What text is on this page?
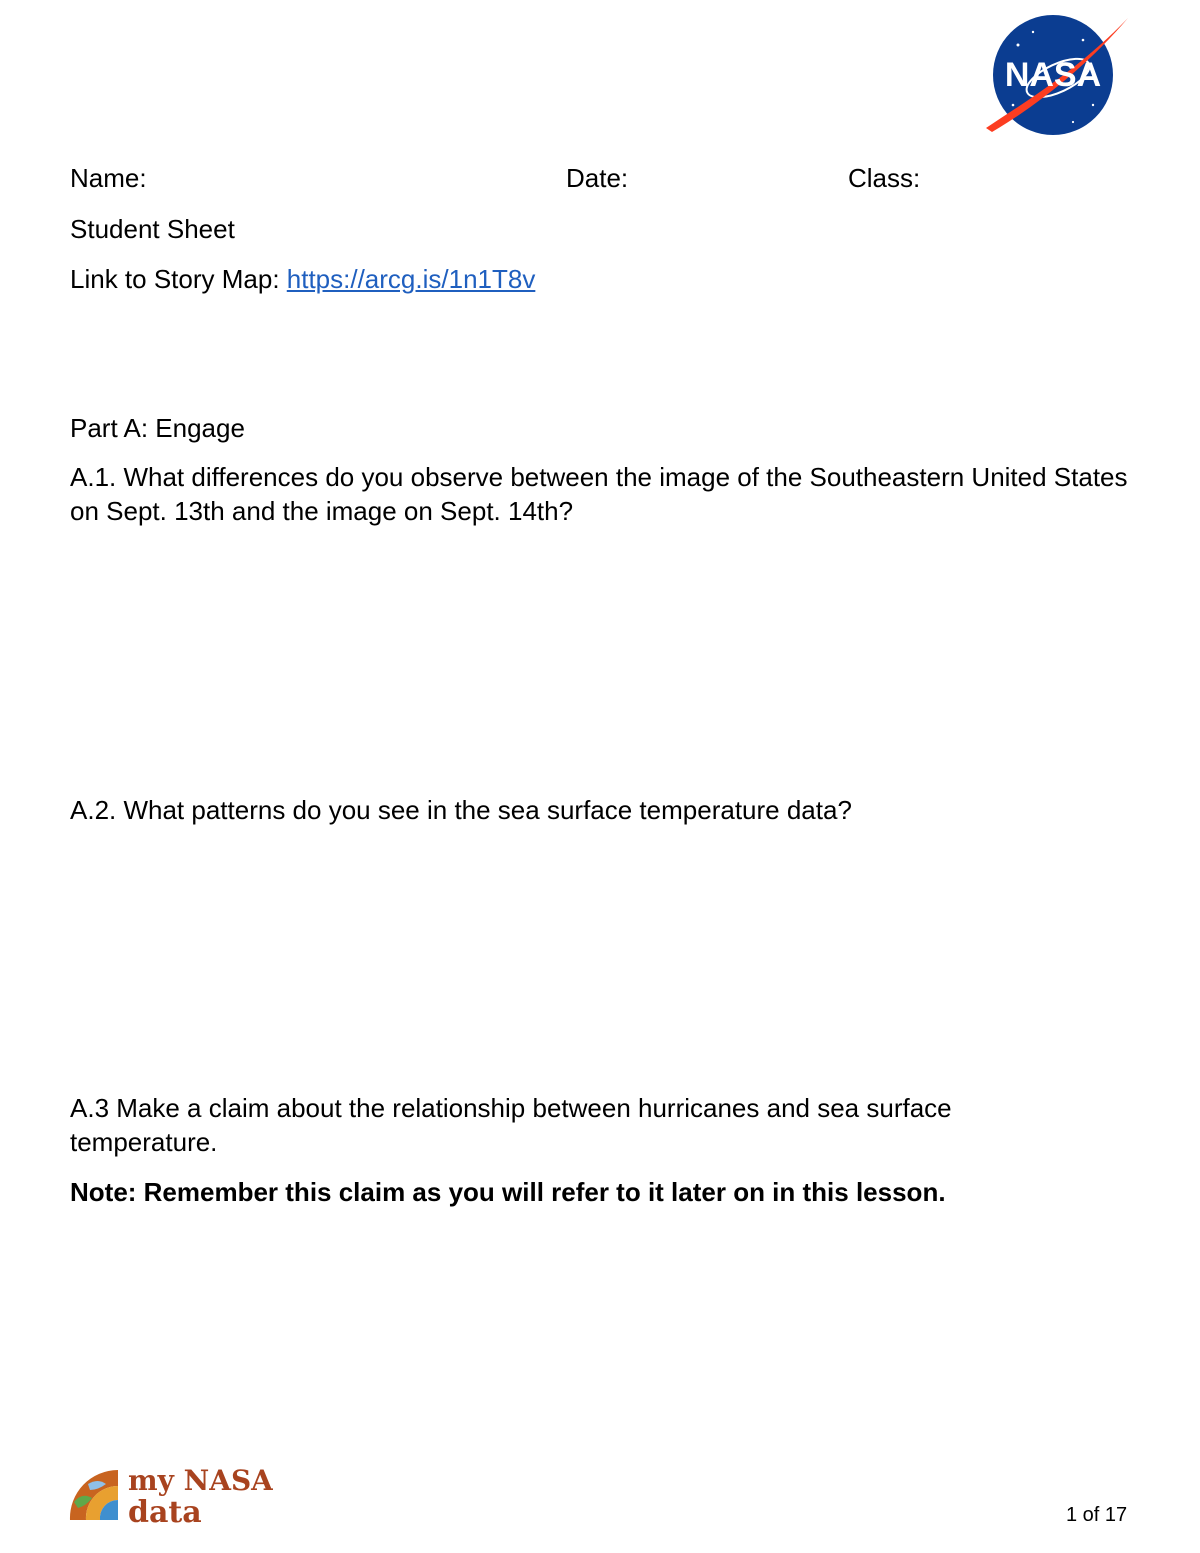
NASA
Name:	Date:	Class:
Student Sheet
Link to Story Map: https://arcg.is/1n1T8v
Part A: Engage
A.1. What differences do you observe between the image of the Southeastern United States on Sept. 13th and the image on Sept. 14th?
A.2. What patterns do you see in the sea surface temperature data?
A.3 Make a claim about the relationship between hurricanes and sea surface temperature.
Note: Remember this claim as you will refer to it later on in this lesson.
my NASA
data	1 of 17
